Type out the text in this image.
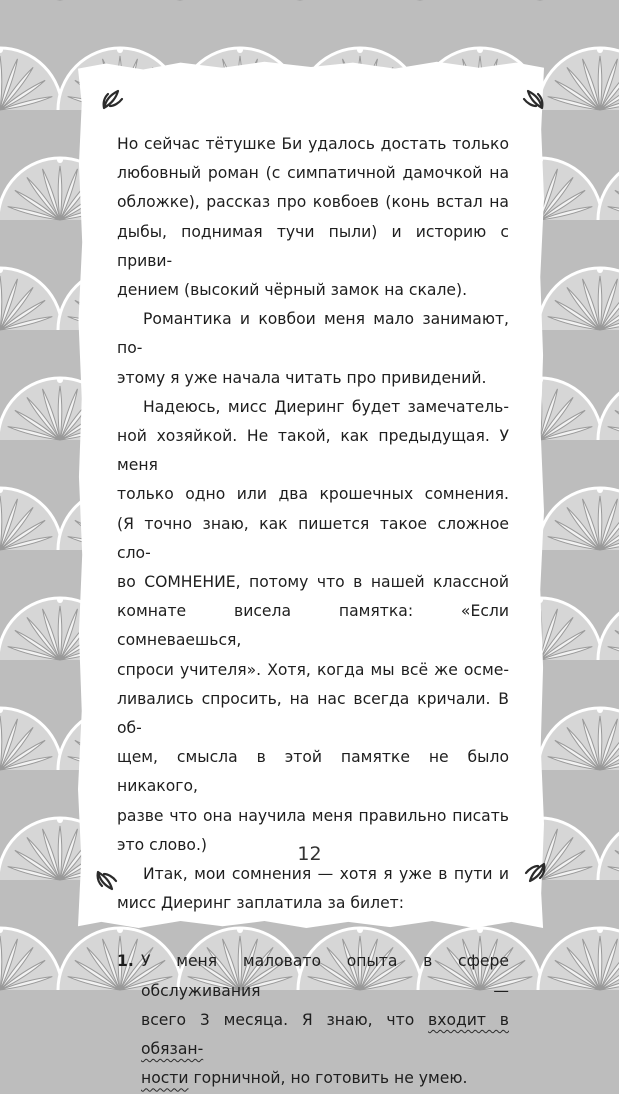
Но сейчас тётушке Би удалось достать только

любовный роман (с симпатичной дамочкой на

обложке), рассказ про ковбоев (конь встал на

дыбы, поднимая тучи пыли) и историю с приви-

дением (высокий чёрный замок на скале).

Романтика и ковбои меня мало занимают, по-

этому я уже начала читать про привидений.

Надеюсь, мисс Диеринг будет замечатель-

ной хозяйкой. Не такой, как предыдущая. У меня

только одно или два крошечных сомнения.

(Я точно знаю, как пишется такое сложное сло-

во СОМНЕНИЕ, потому что в нашей классной

комнате висела памятка: «Если сомневаешься,

спроси учителя». Хотя, когда мы всё же осме-

ливались спросить, на нас всегда кричали. В об-

щем, смысла в этой памятке не было никакого,

разве что она научила меня правильно писать

это слово.)

Итак, мои сомнения — хотя я уже в пути и

мисс Диеринг заплатила за билет:

1. У меня маловато опыта в сфере обслуживания —

всего 3 месяца. Я знаю, что входит в обязан-

ности горничной, но готовить не умею.

12
